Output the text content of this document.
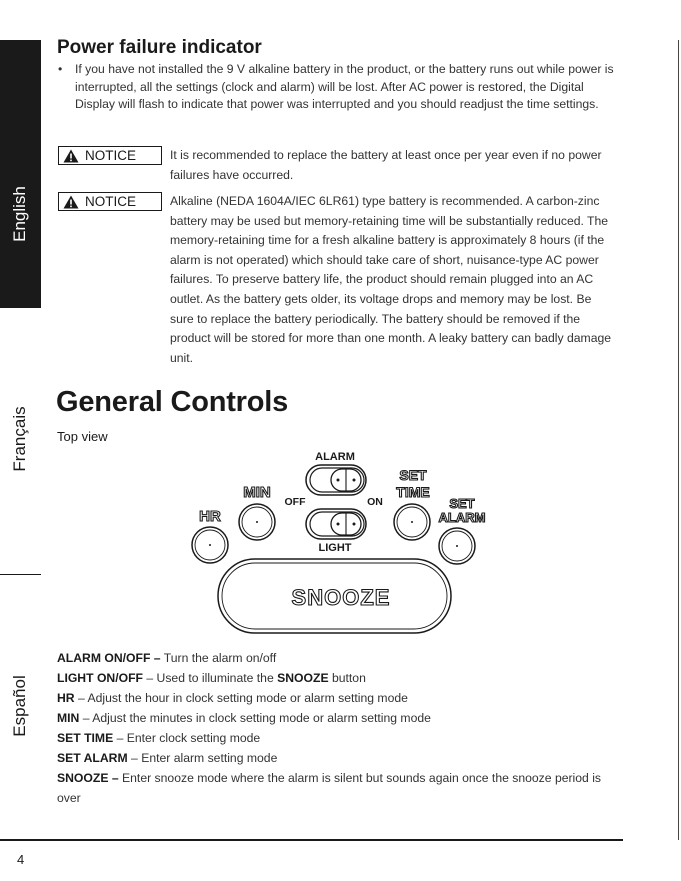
English
Français
Español
Power failure indicator
•	If you have not installed the 9 V alkaline battery in the product, or the battery runs out while power is interrupted, all the settings (clock and alarm) will be lost. After AC power is restored, the Digital Display will flash to indicate that power was interrupted and you should readjust the time settings.
NOTICE	It is recommended to replace the battery at least once per year even if no power failures have occurred.
NOTICE	Alkaline (NEDA 1604A/IEC 6LR61) type battery is recommended. A carbon-zinc battery may be used but memory-retaining time will be substantially reduced. The memory-retaining time for a fresh alkaline battery is approximately 8 hours (if the alarm is not operated) which should take care of short, nuisance-type AC power failures. To preserve battery life, the product should remain plugged into an AC outlet. As the battery gets older, its voltage drops and memory may be lost. Be sure to replace the battery periodically. The battery should be removed if the product will be stored for more than one month. A leaky battery can badly damage unit.
General Controls
Top view
ALARM
OFF	ON
LIGHT
MIN
HR
SET
TIME
SET
ALARM
SNOOZE
ALARM ON/OFF – Turn the alarm on/off
LIGHT ON/OFF – Used to illuminate the SNOOZE button
HR – Adjust the hour in clock setting mode or alarm setting mode
MIN – Adjust the minutes in clock setting mode or alarm setting mode
SET TIME – Enter clock setting mode
SET ALARM – Enter alarm setting mode
SNOOZE – Enter snooze mode where the alarm is silent but sounds again once the snooze period is over
4
